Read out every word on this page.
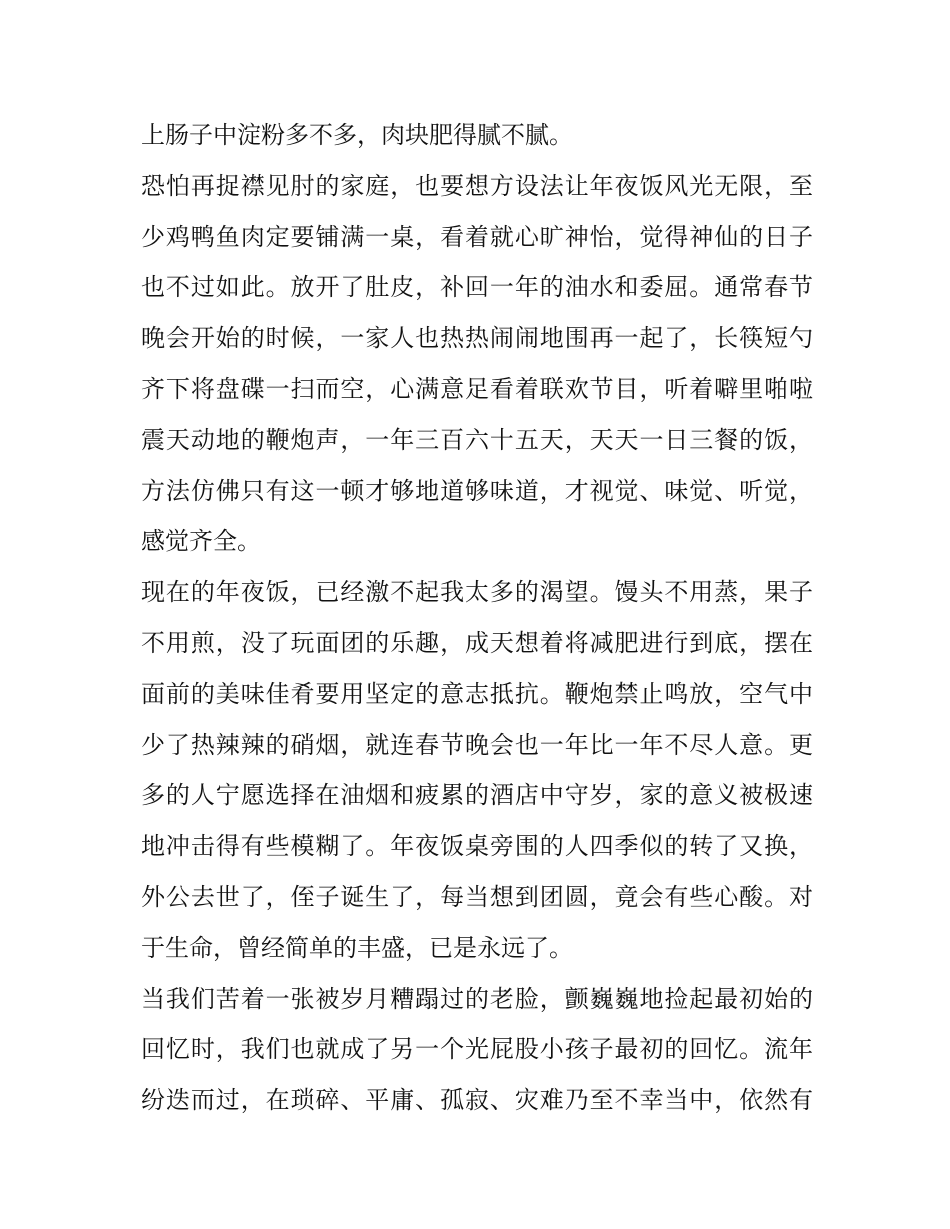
上肠子中淀粉多不多，肉块肥得腻不腻。
恐怕再捉襟见肘的家庭，也要想方设法让年夜饭风光无限，至
少鸡鸭鱼肉定要铺满一桌，看着就心旷神怡，觉得神仙的日子
也不过如此。放开了肚皮，补回一年的油水和委屈。通常春节
晚会开始的时候，一家人也热热闹闹地围再一起了，长筷短勺
齐下将盘碟一扫而空，心满意足看着联欢节目，听着噼里啪啦
震天动地的鞭炮声，一年三百六十五天，天天一日三餐的饭，
方法仿佛只有这一顿才够地道够味道，才视觉、味觉、听觉，
感觉齐全。
现在的年夜饭，已经激不起我太多的渴望。馒头不用蒸，果子
不用煎，没了玩面团的乐趣，成天想着将减肥进行到底，摆在
面前的美味佳肴要用坚定的意志抵抗。鞭炮禁止鸣放，空气中
少了热辣辣的硝烟，就连春节晚会也一年比一年不尽人意。更
多的人宁愿选择在油烟和疲累的酒店中守岁，家的意义被极速
地冲击得有些模糊了。年夜饭桌旁围的人四季似的转了又换，
外公去世了，侄子诞生了，每当想到团圆，竟会有些心酸。对
于生命，曾经简单的丰盛，已是永远了。
当我们苦着一张被岁月糟蹋过的老脸，颤巍巍地捡起最初始的
回忆时，我们也就成了另一个光屁股小孩子最初的回忆。流年
纷迭而过，在琐碎、平庸、孤寂、灾难乃至不幸当中，依然有
